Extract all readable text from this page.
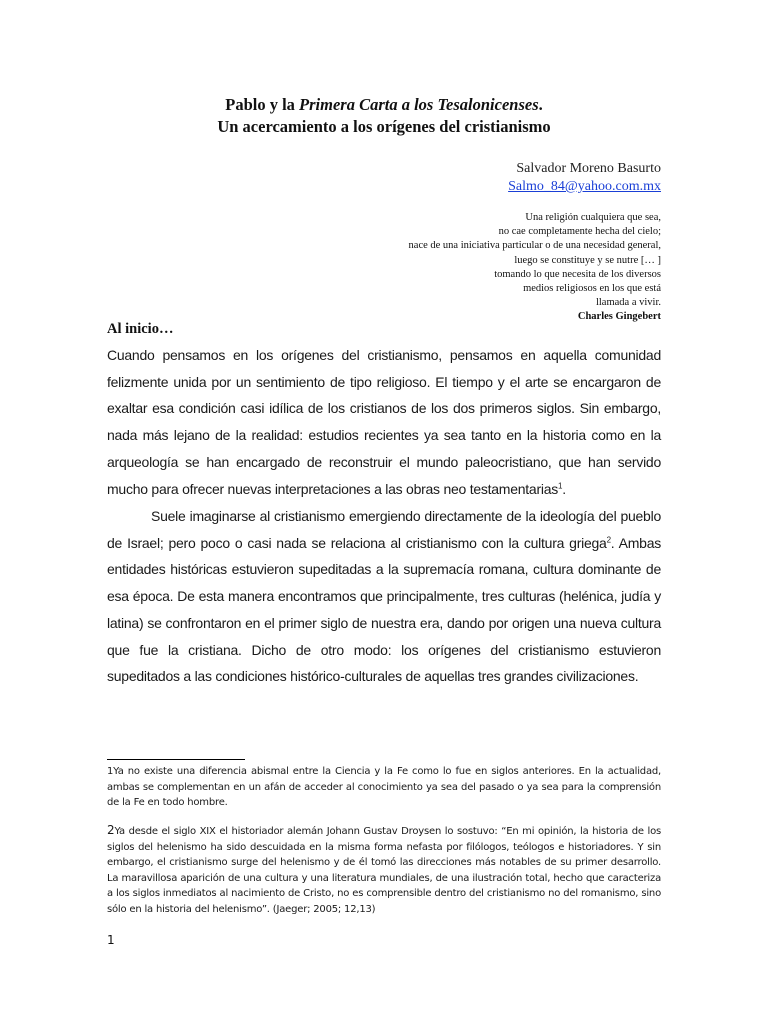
Pablo y la Primera Carta a los Tesalonicenses.
Un acercamiento a los orígenes del cristianismo
Salvador Moreno Basurto
Salmo_84@yahoo.com.mx
Una religión cualquiera que sea,
no cae completamente hecha del cielo;
nace de una iniciativa particular o de una necesidad general,
luego se constituye y se nutre [… ]
tomando lo que necesita de los diversos
medios religiosos en los que está
llamada a vivir.
Charles Gingebert
Al inicio…
Cuando pensamos en los orígenes del cristianismo, pensamos en aquella comunidad felizmente unida por un sentimiento de tipo religioso. El tiempo y el arte se encargaron de exaltar esa condición casi idílica de los cristianos de los dos primeros siglos. Sin embargo, nada más lejano de la realidad: estudios recientes ya sea tanto en la historia como en la arqueología se han encargado de reconstruir el mundo paleocristiano, que han servido mucho para ofrecer nuevas interpretaciones a las obras neo testamentarias$^1$.
Suele imaginarse al cristianismo emergiendo directamente de la ideología del pueblo de Israel; pero poco o casi nada se relaciona al cristianismo con la cultura griega$^2$. Ambas entidades históricas estuvieron supeditadas a la supremacía romana, cultura dominante de esa época. De esta manera encontramos que principalmente, tres culturas (helénica, judía y latina) se confrontaron en el primer siglo de nuestra era, dando por origen una nueva cultura que fue la cristiana. Dicho de otro modo: los orígenes del cristianismo estuvieron supeditados a las condiciones histórico-culturales de aquellas tres grandes civilizaciones.
1Ya no existe una diferencia abismal entre la Ciencia y la Fe como lo fue en siglos anteriores. En la actualidad, ambas se complementan en un afán de acceder al conocimiento ya sea del pasado o ya sea para la comprensión de la Fe en todo hombre.
2Ya desde el siglo XIX el historiador alemán Johann Gustav Droysen lo sostuvo: “En mi opinión, la historia de los siglos del helenismo ha sido descuidada en la misma forma nefasta por filólogos, teólogos e historiadores. Y sin embargo, el cristianismo surge del helenismo y de él tomó las direcciones más notables de su primer desarrollo. La maravillosa aparición de una cultura y una literatura mundiales, de una ilustración total, hecho que caracteriza a los siglos inmediatos al nacimiento de Cristo, no es comprensible dentro del cristianismo no del romanismo, sino sólo en la historia del helenismo”. (Jaeger; 2005; 12,13)
1
